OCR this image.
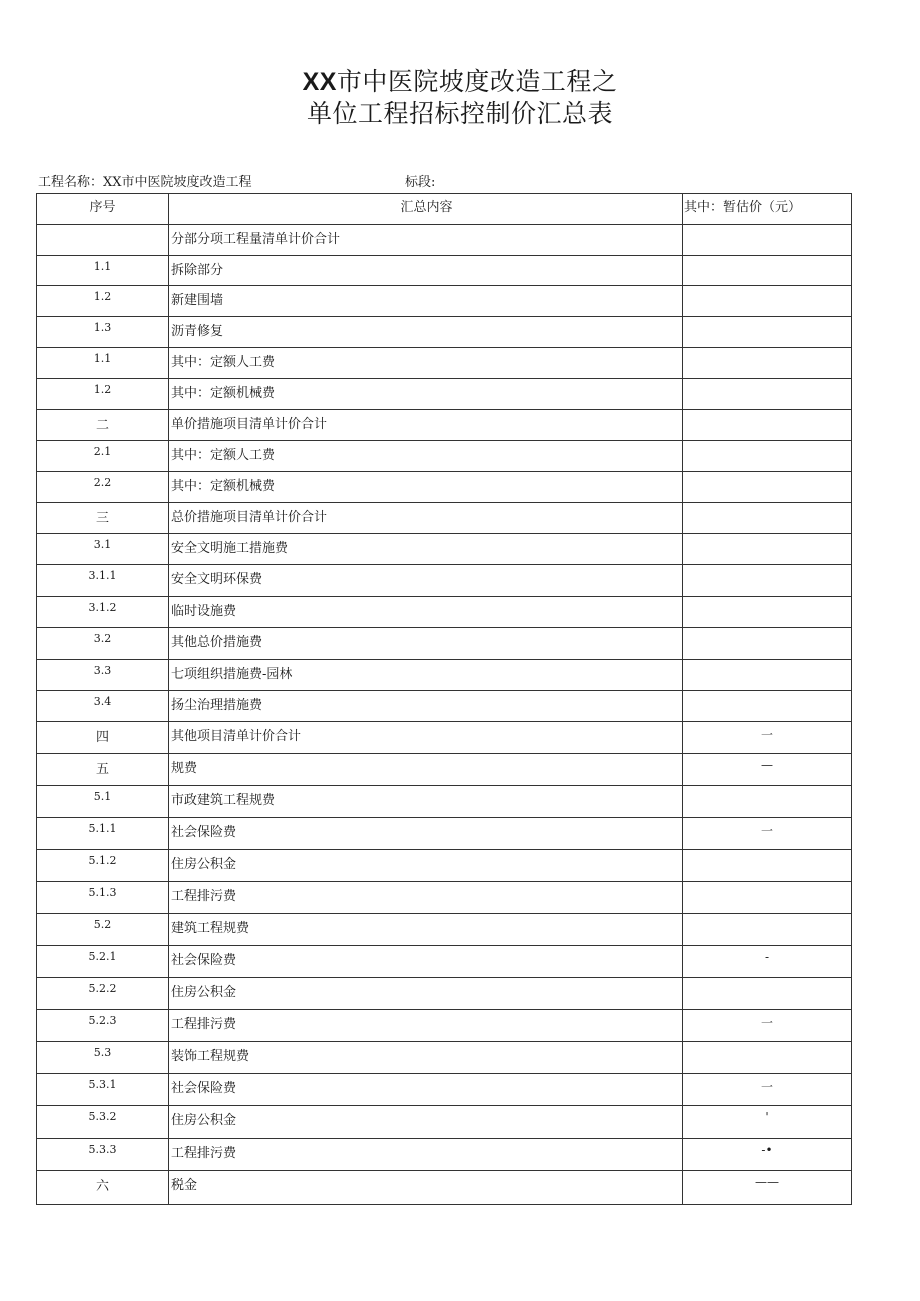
XX市中医院坡度改造工程之
单位工程招标控制价汇总表
工程名称：XX市中医院坡度改造工程	标段:
序号	汇总内容	其中：暂估价（元）
	分部分项工程量清单计价合计	
1.1	拆除部分	
1.2	新建围墙	
1.3	沥青修复	
1.1	其中：定额人工费	
1.2	其中：定额机械费	
二	单价措施项目清单计价合计	
2.1	其中：定额人工费	
2.2	其中：定额机械费	
三	总价措施项目清单计价合计	
3.1	安全文明施工措施费	
3.1.1	安全文明环保费	
3.1.2	临时设施费	
3.2	其他总价措施费	
3.3	七项组织措施费-园林	
3.4	扬尘治理措施费	
四	其他项目清单计价合计	一
五	规费	—
5.1	市政建筑工程规费	
5.1.1	社会保险费	一
5.1.2	住房公积金	
5.1.3	工程排污费	
5.2	建筑工程规费	
5.2.1	社会保险费	-
5.2.2	住房公积金	
5.2.3	工程排污费	一
5.3	装饰工程规费	
5.3.1	社会保险费	一
5.3.2	住房公积金	'
5.3.3	工程排污费	-•
六	税金	——
